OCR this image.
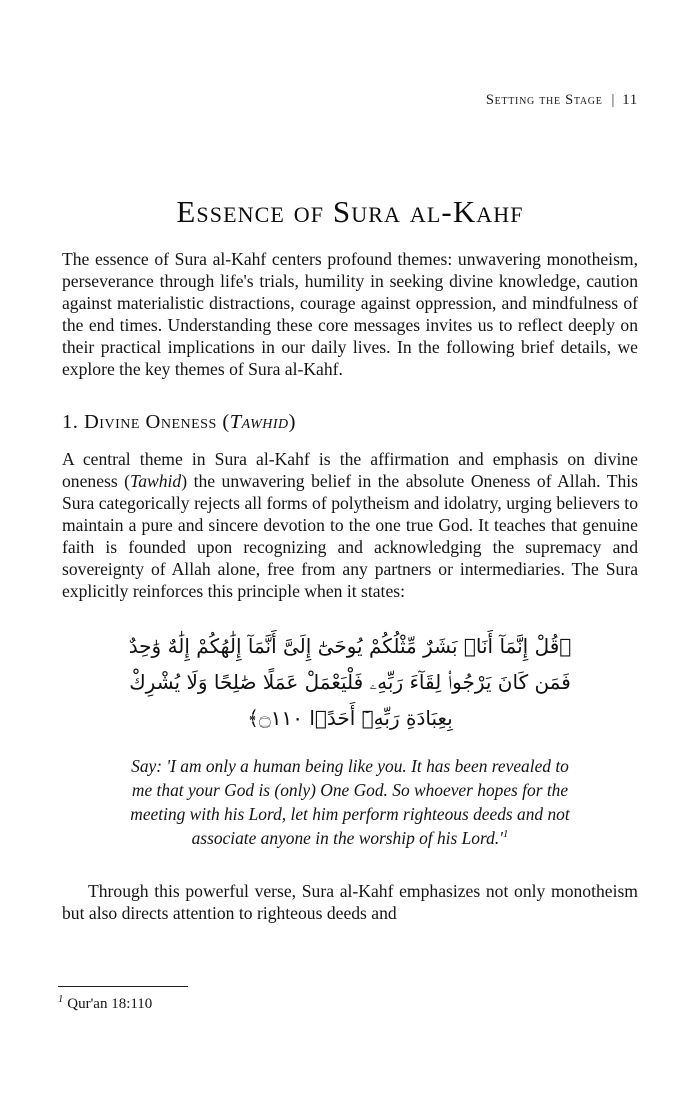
Setting the Stage | 11
Essence of Sura al-Kahf

The essence of Sura al-Kahf centers profound themes: unwavering monotheism, perseverance through life's trials, humility in seeking divine knowledge, caution against materialistic distractions, courage against oppression, and mindfulness of the end times. Understanding these core messages invites us to reflect deeply on their practical implications in our daily lives. In the following brief details, we explore the key themes of Sura al-Kahf.

1. Divine Oneness (Tawhid)

A central theme in Sura al-Kahf is the affirmation and emphasis on divine oneness (Tawhid) the unwavering belief in the absolute Oneness of Allah. This Sura categorically rejects all forms of polytheism and idolatry, urging believers to maintain a pure and sincere devotion to the one true God. It teaches that genuine faith is founded upon recognizing and acknowledging the supremacy and sovereignty of Allah alone, free from any partners or intermediaries. The Sura explicitly reinforces this principle when it states:

﴿قُلْ إِنَّمَآ أَنَا۠ بَشَرٌ مِّثْلُكُمْ يُوحَىٰٓ إِلَىَّ أَنَّمَآ إِلَٰهُكُمْ إِلَٰهٌ وَٰحِدٌ
فَمَن كَانَ يَرْجُوا۟ لِقَآءَ رَبِّهِۦ فَلْيَعْمَلْ عَمَلًا صَٰلِحًا وَلَا يُشْرِكْ
بِعِبَادَةِ رَبِّهِۦٓ أَحَدًۢا ۝١١٠﴾

Say: 'I am only a human being like you. It has been revealed to me that your God is (only) One God. So whoever hopes for the meeting with his Lord, let him perform righteous deeds and not associate anyone in the worship of his Lord.'$^1$

Through this powerful verse, Sura al-Kahf emphasizes not only monotheism but also directs attention to righteous deeds and

$^1$ Qur'an 18:110
